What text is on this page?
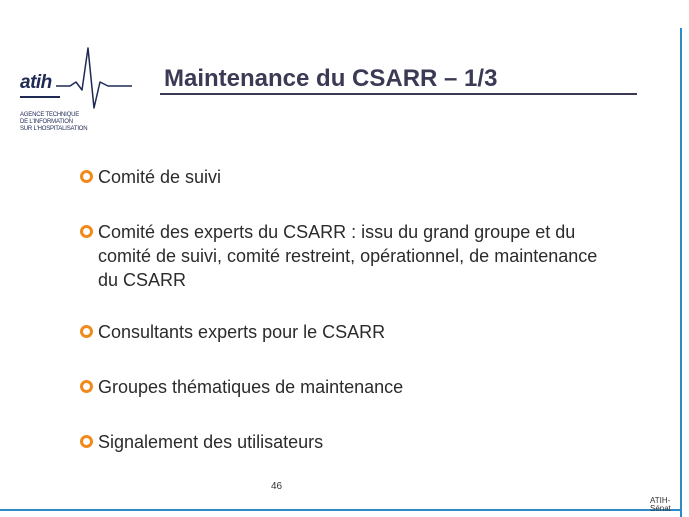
atih
AGENCE TECHNIQUE
DE L'INFORMATION
SUR L'HOSPITALISATION
Maintenance du CSARR – 1/3
Comité de suivi
Comité des experts du CSARR : issu du grand groupe et du comité de suivi, comité restreint, opérationnel, de maintenance du CSARR
Consultants experts pour le CSARR
Groupes thématiques de maintenance
Signalement des utilisateurs
46
ATIH-Sénat
